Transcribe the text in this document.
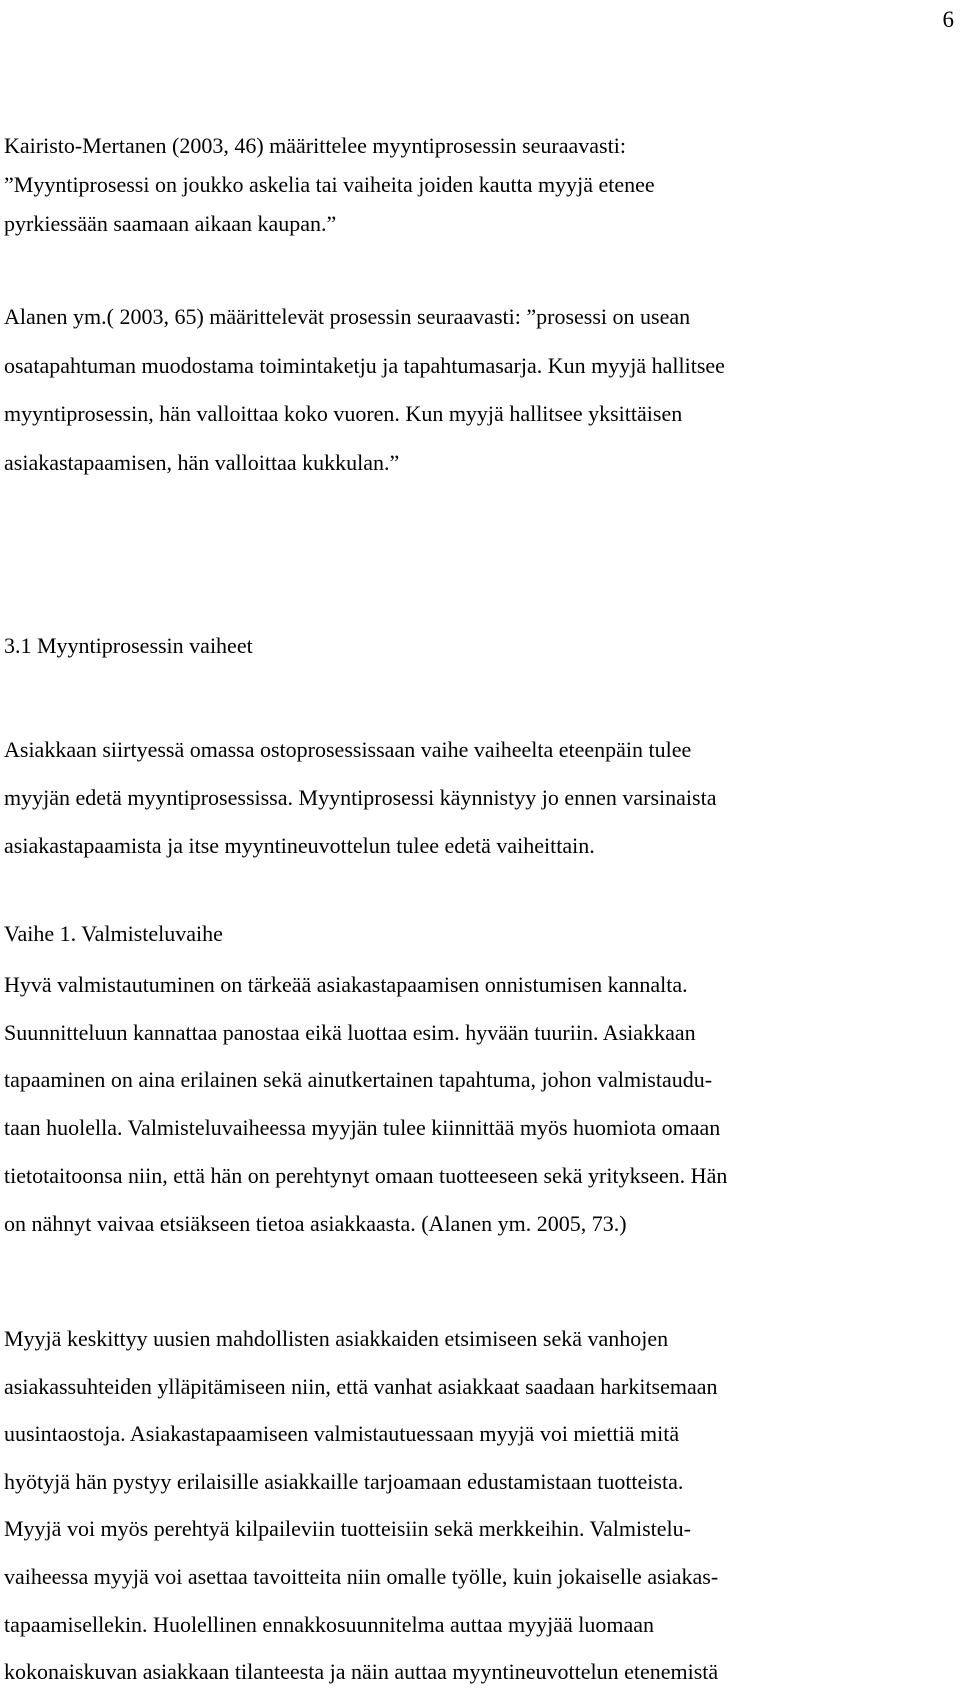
6
Kairisto-Mertanen (2003, 46) määrittelee myyntiprosessin seuraavasti:
”Myyntiprosessi on joukko askelia tai vaiheita joiden kautta myyjä etenee
pyrkiessään saamaan aikaan kaupan.”
Alanen ym.( 2003, 65) määrittelevät prosessin seuraavasti: ”prosessi on usean
osatapahtuman muodostama toimintaketju ja tapahtumasarja. Kun myyjä hallitsee
myyntiprosessin, hän valloittaa koko vuoren. Kun myyjä hallitsee yksittäisen
asiakastapaamisen, hän valloittaa kukkulan.”
3.1 Myyntiprosessin vaiheet
Asiakkaan siirtyessä omassa ostoprosessissaan vaihe vaiheelta eteenpäin tulee
myyjän edetä myyntiprosessissa. Myyntiprosessi käynnistyy jo ennen varsinaista
asiakastapaamista ja itse myyntineuvottelun tulee edetä vaiheittain.
Vaihe 1. Valmisteluvaihe
Hyvä valmistautuminen on tärkeää asiakastapaamisen onnistumisen kannalta.
Suunnitteluun kannattaa panostaa eikä luottaa esim. hyvään tuuriin. Asiakkaan
tapaaminen on aina erilainen sekä ainutkertainen tapahtuma, johon valmistaudu-
taan huolella. Valmisteluvaiheessa myyjän tulee kiinnittää myös huomiota omaan
tietotaitoonsa niin, että hän on perehtynyt omaan tuotteeseen sekä yritykseen. Hän
on nähnyt vaivaa etsiäkseen tietoa asiakkaasta. (Alanen ym. 2005, 73.)
Myyjä keskittyy uusien mahdollisten asiakkaiden etsimiseen sekä vanhojen
asiakassuhteiden ylläpitämiseen niin, että vanhat asiakkaat saadaan harkitsemaan
uusintaostoja. Asiakastapaamiseen valmistautuessaan myyjä voi miettiä mitä
hyötyjä hän pystyy erilaisille asiakkaille tarjoamaan edustamistaan tuotteista.
Myyjä voi myös perehtyä kilpaileviin tuotteisiin sekä merkkeihin. Valmistelu-
vaiheessa myyjä voi asettaa tavoitteita niin omalle työlle, kuin jokaiselle asiakas-
tapaamisellekin. Huolellinen ennakkosuunnitelma auttaa myyjää luomaan
kokonaiskuvan asiakkaan tilanteesta ja näin auttaa myyntineuvottelun etenemistä
